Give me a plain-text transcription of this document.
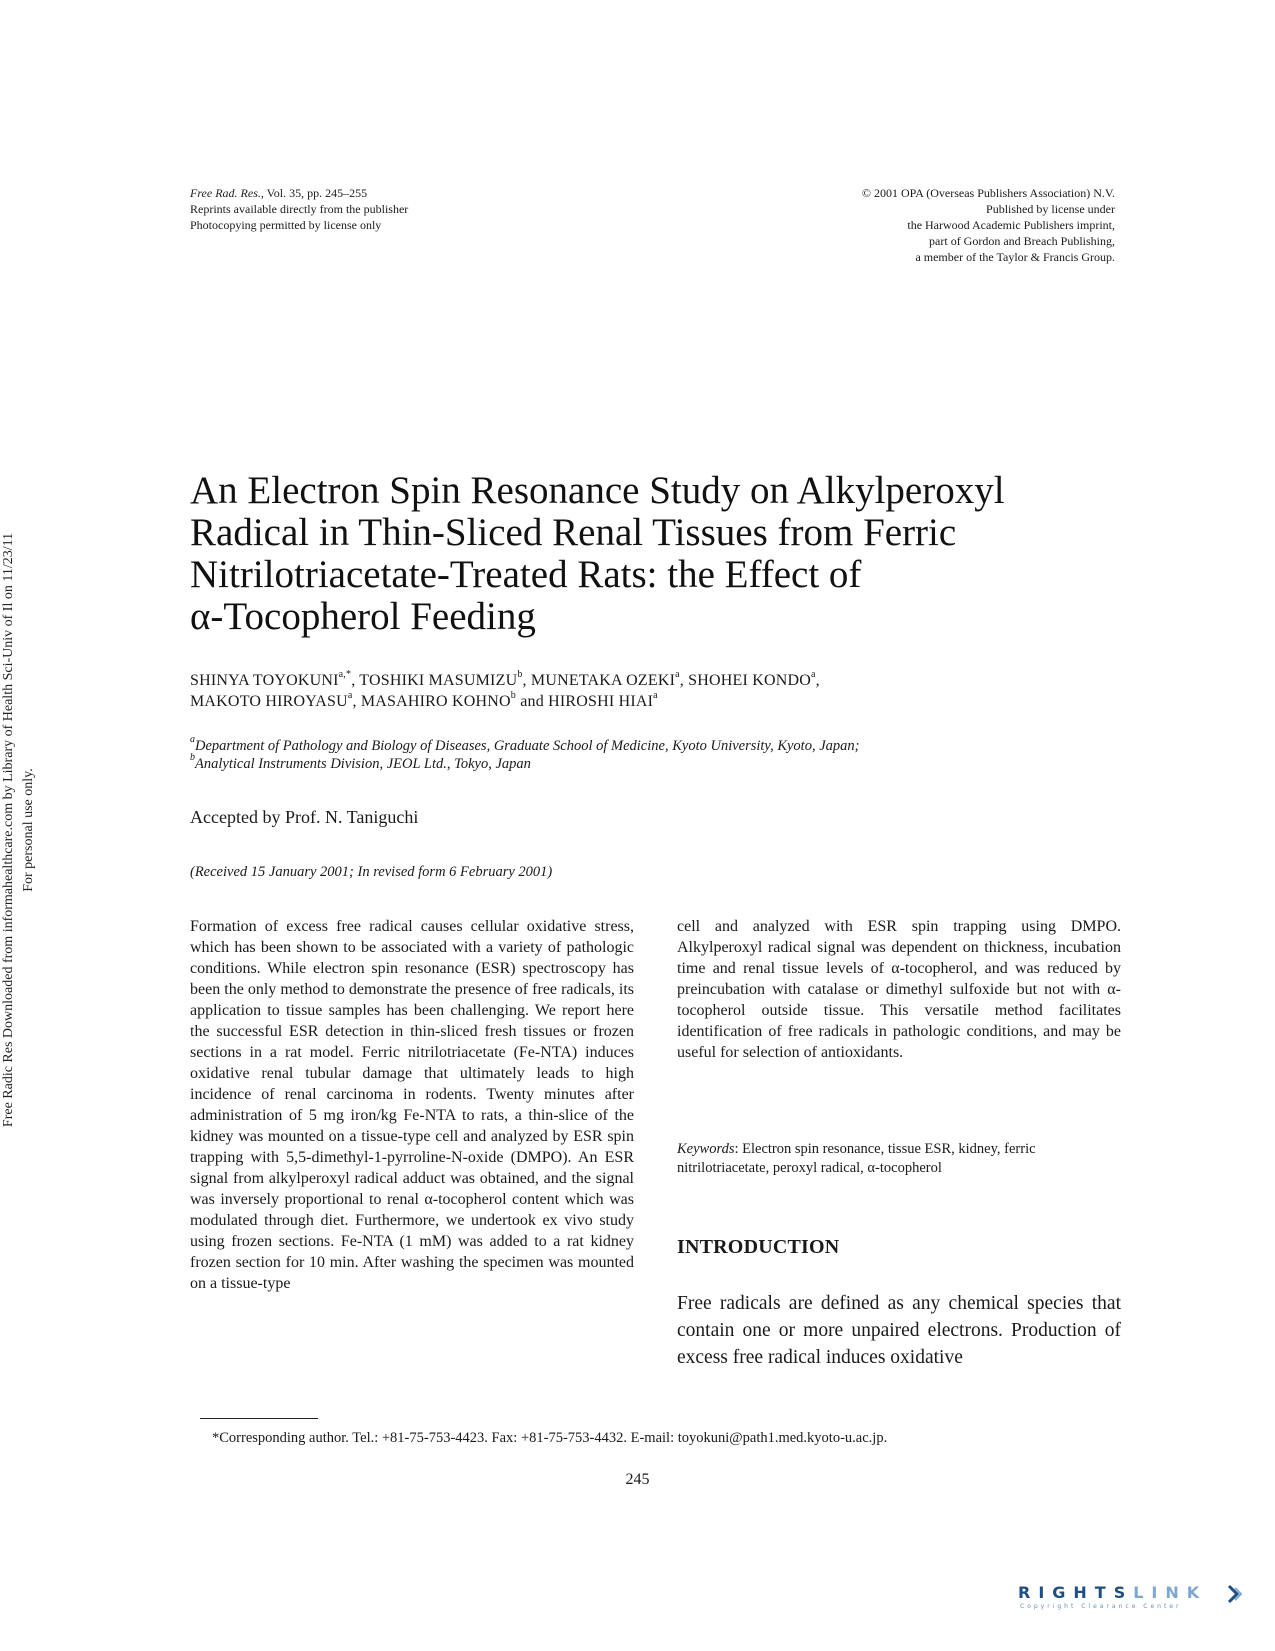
Free Radic Res Downloaded from informahealthcare.com by Library of Health Sci-Univ of Il on 11/23/11 For personal use only.
Free Rad. Res., Vol. 35, pp. 245–255
Reprints available directly from the publisher
Photocopying permitted by license only
© 2001 OPA (Overseas Publishers Association) N.V.
Published by license under
the Harwood Academic Publishers imprint,
part of Gordon and Breach Publishing,
a member of the Taylor & Francis Group.
An Electron Spin Resonance Study on Alkylperoxyl
Radical in Thin-Sliced Renal Tissues from Ferric
Nitrilotriacetate-Treated Rats: the Effect of
α-Tocopherol Feeding
SHINYA $TOYOKUNI^{a,*}$, TOSHIKI MASUMIZU$^b$, MUNETAKA OZEKI$^a$, SHOHEI KONDO$^a$,
MAKOTO HIROYASU$^a$, MASAHIRO KOHNO$^b$ and HIROSHI HIAI$^a$
$^a$Department of Pathology and Biology of Diseases, Graduate School of Medicine, Kyoto University, Kyoto, Japan;
$^b$Analytical Instruments Division, JEOL Ltd., Tokyo, Japan
Accepted by Prof. N. Taniguchi
(Received 15 January 2001; In revised form 6 February 2001)
Formation of excess free radical causes cellular oxidative stress, which has been shown to be associated with a variety of pathologic conditions. While electron spin resonance (ESR) spectroscopy has been the only method to demonstrate the presence of free radicals, its application to tissue samples has been challenging. We report here the successful ESR detection in thin-sliced fresh tissues or frozen sections in a rat model. Ferric nitrilotriacetate (Fe-NTA) induces oxidative renal tubular damage that ultimately leads to high incidence of renal carcinoma in rodents. Twenty minutes after administration of 5 mg iron/kg Fe-NTA to rats, a thin-slice of the kidney was mounted on a tissue-type cell and analyzed by ESR spin trapping with 5,5-dimethyl-1-pyrroline-N-oxide (DMPO). An ESR signal from alkylperoxyl radical adduct was obtained, and the signal was inversely proportional to renal α-tocopherol content which was modulated through diet. Furthermore, we undertook ex vivo study using frozen sections. Fe-NTA (1 mM) was added to a rat kidney frozen section for 10 min. After washing the specimen was mounted on a tissue-type
cell and analyzed with ESR spin trapping using DMPO. Alkylperoxyl radical signal was dependent on thickness, incubation time and renal tissue levels of α-tocopherol, and was reduced by preincubation with catalase or dimethyl sulfoxide but not with α-tocopherol outside tissue. This versatile method facilitates identification of free radicals in pathologic conditions, and may be useful for selection of antioxidants.
Keywords: Electron spin resonance, tissue ESR, kidney, ferric nitrilotriacetate, peroxyl radical, α-tocopherol
INTRODUCTION
Free radicals are defined as any chemical species that contain one or more unpaired electrons. Production of excess free radical induces oxidative
*Corresponding author. Tel.: +81-75-753-4423. Fax: +81-75-753-4432. E-mail: toyokuni@path1.med.kyoto-u.ac.jp.
245
RIGHTSLINK
Copyright Clearance Center
